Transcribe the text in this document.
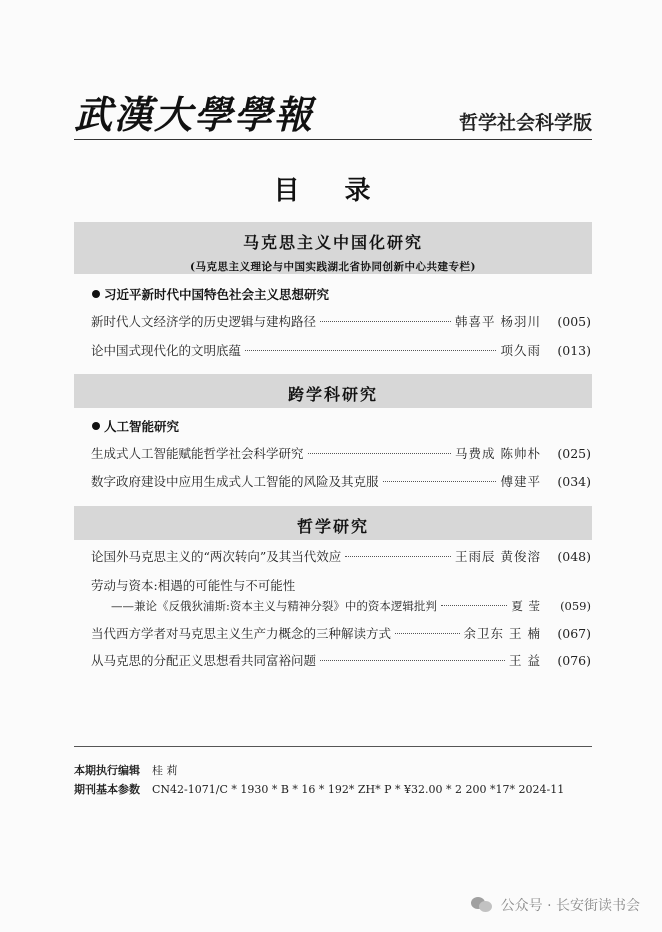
武漢大學學報	哲学社会科学版
目 录
马克思主义中国化研究
(马克思主义理论与中国实践湖北省协同创新中心共建专栏)
习近平新时代中国特色社会主义思想研究
新时代人文经济学的历史逻辑与建构路径	韩喜平 杨羽川	(005)
论中国式现代化的文明底蕴	项久雨	(013)
跨学科研究
人工智能研究
生成式人工智能赋能哲学社会科学研究	马费成 陈帅朴	(025)
数字政府建设中应用生成式人工智能的风险及其克服	傅建平	(034)
哲学研究
论国外马克思主义的“两次转向”及其当代效应	王雨辰 黄俊溶	(048)
劳动与资本:相遇的可能性与不可能性
——兼论《反俄狄浦斯:资本主义与精神分裂》中的资本逻辑批判	夏 莹	(059)
当代西方学者对马克思主义生产力概念的三种解读方式	余卫东 王 楠	(067)
从马克思的分配正义思想看共同富裕问题	王 益	(076)
本期执行编辑 桂 莉
期刊基本参数 CN42-1071/C * 1930 * B * 16 * 192* ZH* P * ¥32.00 * 2 200 *17* 2024-11
公众号 · 长安街读书会
